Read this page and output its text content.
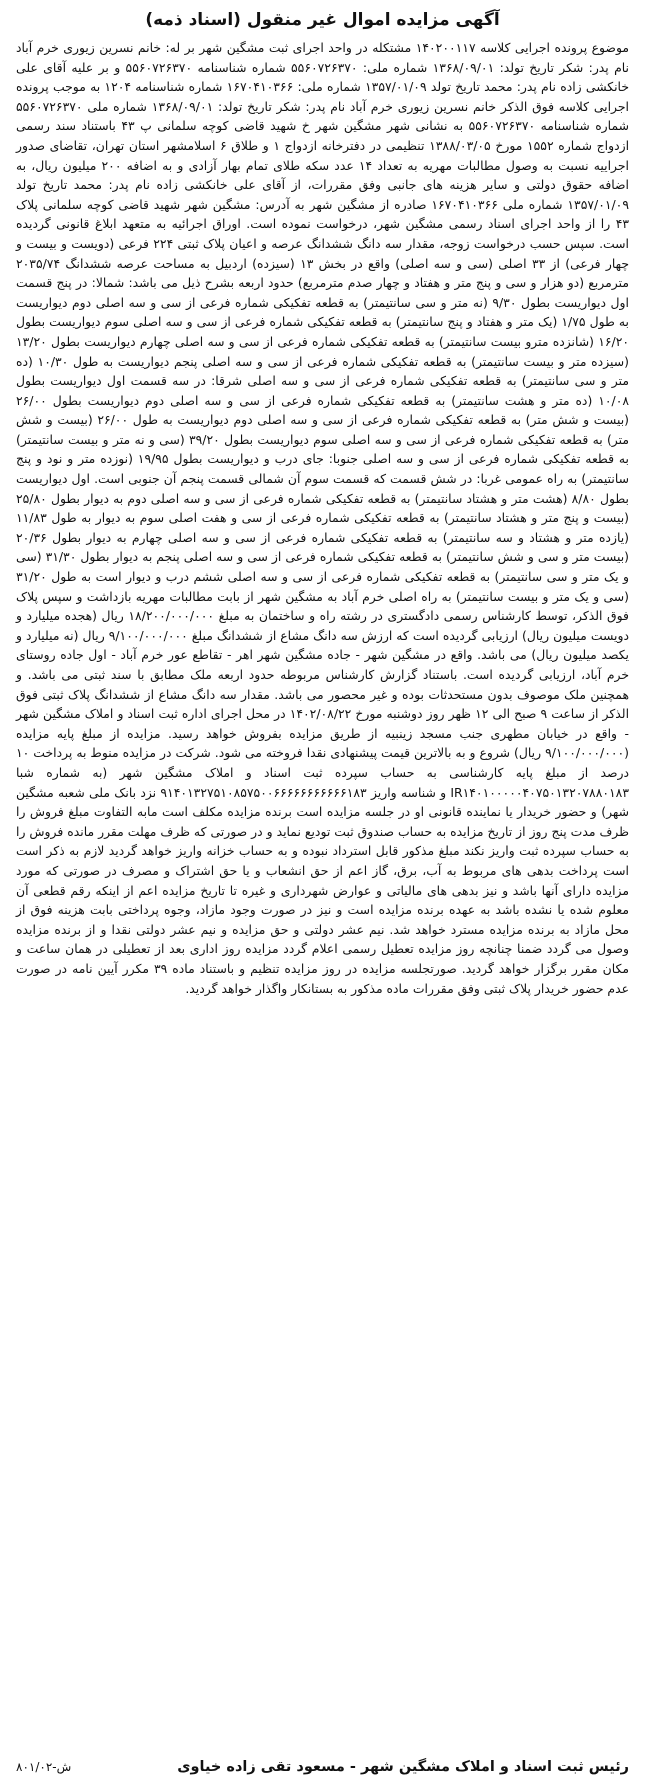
آگهی مزایده اموال غیر منقول (اسناد ذمه)

موضوع پرونده اجرایی کلاسه ۱۴۰۲۰۰۱۱۷ مشتکله در واحد اجرای ثبت مشگین شهر بر له: خانم نسرین زیوری خرم آباد نام پدر: شکر تاریخ تولد: ۱۳۶۸/۰۹/۰۱ شماره ملی: ۵۵۶۰۷۲۶۳۷۰ شماره شناسنامه ۵۵۶۰۷۲۶۳۷۰ و بر علیه آقای علی خانکشی زاده نام پدر: محمد تاریخ تولد ۱۳۵۷/۰۱/۰۹ شماره ملی: ۱۶۷۰۴۱۰۳۶۶ شماره شناسنامه ۱۲۰۴ به موجب پرونده اجرایی کلاسه فوق الذکر خانم نسرین زیوری خرم آباد نام پدر: شکر تاریخ تولد: ۱۳۶۸/۰۹/۰۱ شماره ملی ۵۵۶۰۷۲۶۳۷۰ شماره شناسنامه ۵۵۶۰۷۲۶۳۷۰ به نشانی شهر مشگین شهر خ شهید قاضی کوچه سلمانی پ ۴۳ باستناد سند رسمی ازدواج شماره ۱۵۵۲ مورخ ۱۳۸۸/۰۳/۰۵ تنظیمی در دفترخانه ازدواج ۱ و طلاق ۶ اسلامشهر استان تهران، تقاضای صدور اجراییه نسبت به وصول مطالبات مهریه به تعداد ۱۴ عدد سکه طلای تمام بهار آزادی و به اضافه ۲۰۰ میلیون ریال، به اضافه حقوق دولتی و سایر هزینه های جانبی وفق مقررات، از آقای علی خانکشی زاده نام پدر: محمد تاریخ تولد ۱۳۵۷/۰۱/۰۹ شماره ملی ۱۶۷۰۴۱۰۳۶۶ صادره از مشگین شهر به آدرس: مشگین شهر شهید قاضی کوچه سلمانی پلاک ۴۳ را از واحد اجرای اسناد رسمی مشگین شهر، درخواست نموده است. اوراق اجرائیه به متعهد ابلاغ قانونی گردیده است. سپس حسب درخواست زوجه، مقدار سه دانگ ششدانگ عرصه و اعیان پلاک ثبتی ۲۲۴ فرعی (دویست و بیست و چهار فرعی) از ۳۳ اصلی (سی و سه اصلی) واقع در بخش ۱۳ (سیزده) اردبیل به مساحت عرصه ششدانگ ۲۰۳۵/۷۴ مترمربع (دو هزار و سی و پنج متر و هفتاد و چهار صدم مترمربع) حدود اربعه بشرح ذیل می باشد: شمالا: در پنج قسمت اول دیواریست بطول ۹/۳۰ (نه متر و سی سانتیمتر) به قطعه تفکیکی شماره فرعی از سی و سه اصلی دوم دیواریست به طول ۱/۷۵ (یک متر و هفتاد و پنج سانتیمتر) به قطعه تفکیکی شماره فرعی از سی و سه اصلی سوم دیواریست بطول ۱۶/۲۰ (شانزده مترو بیست سانتیمتر) به قطعه تفکیکی شماره فرعی از سی و سه اصلی چهارم دیواریست بطول ۱۳/۲۰ (سیزده متر و بیست سانتیمتر) به قطعه تفکیکی شماره فرعی از سی و سه اصلی پنجم دیواریست به طول ۱۰/۳۰ (ده متر و سی سانتیمتر) به قطعه تفکیکی شماره فرعی از سی و سه اصلی شرقا: در سه قسمت اول دیواریست بطول ۱۰/۰۸ (ده متر و هشت سانتیمتر) به قطعه تفکیکی شماره فرعی از سی و سه اصلی دوم دیواریست بطول ۲۶/۰۰ (بیست و شش متر) به قطعه تفکیکی شماره فرعی از سی و سه اصلی دوم دیواریست به طول ۲۶/۰۰ (بیست و شش متر) به قطعه تفکیکی شماره فرعی از سی و سه اصلی سوم دیواریست بطول ۳۹/۲۰ (سی و نه متر و بیست سانتیمتر) به قطعه تفکیکی شماره فرعی از سی و سه اصلی جنوبا: جای درب و دیواریست بطول ۱۹/۹۵ (نوزده متر و نود و پنج سانتیمتر) به راه عمومی غربا: در شش قسمت که قسمت سوم آن شمالی قسمت پنجم آن جنوبی است. اول دیواریست بطول ۸/۸۰ (هشت متر و هشتاد سانتیمتر) به قطعه تفکیکی شماره فرعی از سی و سه اصلی دوم به دیوار بطول ۲۵/۸۰ (بیست و پنج متر و هشتاد سانتیمتر) به قطعه تفکیکی شماره فرعی از سی و هفت اصلی سوم به دیوار به طول ۱۱/۸۳ (یازده متر و هشتاد و سه سانتیمتر) به قطعه تفکیکی شماره فرعی از سی و سه اصلی چهارم به دیوار بطول ۲۰/۳۶ (بیست متر و سی و شش سانتیمتر) به قطعه تفکیکی شماره فرعی از سی و سه اصلی پنجم به دیوار بطول ۳۱/۳۰ (سی و یک متر و سی سانتیمتر) به قطعه تفکیکی شماره فرعی از سی و سه اصلی ششم درب و دیوار است به طول ۳۱/۲۰ (سی و یک متر و بیست سانتیمتر) به راه اصلی خرم آباد به مشگین شهر از بابت مطالبات مهریه بازداشت و سپس پلاک فوق الذکر، توسط کارشناس رسمی دادگستری در رشته راه و ساختمان به مبلغ ۱۸/۲۰۰/۰۰۰/۰۰۰ ریال (هجده میلیارد و دویست میلیون ریال) ارزیابی گردیده است که ارزش سه دانگ مشاع از ششدانگ مبلغ ۹/۱۰۰/۰۰۰/۰۰۰ ریال (نه میلیارد و یکصد میلیون ریال) می باشد. واقع در مشگین شهر - جاده مشگین شهر اهر - تقاطع عور خرم آباد - اول جاده روستای خرم آباد، ارزیابی گردیده است. باستناد گزارش کارشناس مربوطه حدود اربعه ملک مطابق با سند ثبتی می باشد. و همچنین ملک موصوف بدون مستحدثات بوده و غیر محصور می باشد. مقدار سه دانگ مشاع از ششدانگ پلاک ثبتی فوق الذکر از ساعت ۹ صبح الی ۱۲ ظهر روز دوشنبه مورخ ۱۴۰۲/۰۸/۲۲ در محل اجرای اداره ثبت اسناد و املاک مشگین شهر - واقع در خیابان مطهری جنب مسجد زینبیه از طریق مزایده بفروش خواهد رسید. مزایده از مبلغ پایه مزایده (۹/۱۰۰/۰۰۰/۰۰۰ ریال) شروع و به بالاترین قیمت پیشنهادی نقدا فروخته می شود. شرکت در مزایده منوط به پرداخت ۱۰ درصد از مبلغ پایه کارشناسی به حساب سپرده ثبت اسناد و املاک مشگین شهر (به شماره شبا IR۱۴۰۱۰۰۰۰۰۴۰۷۵۰۱۳۲۰۷۸۸۰۱۸۳ و شناسه واریز ۹۱۴۰۱۳۲۷۵۱۰۸۵۷۵۰۰۶۶۶۶۶۶۶۶۶۶۶۱۸۳ نزد بانک ملی شعبه مشگین شهر) و حضور خریدار یا نماینده قانونی او در جلسه مزایده است برنده مزایده مکلف است مابه التفاوت مبلغ فروش را ظرف مدت پنج روز از تاریخ مزایده به حساب صندوق ثبت تودیع نماید و در صورتی که ظرف مهلت مقرر مانده فروش را به حساب سپرده ثبت واریز نکند مبلغ مذکور قابل استرداد نبوده و به حساب خزانه واریز خواهد گردید لازم به ذکر است است پرداخت بدهی های مربوط به آب، برق، گاز اعم از حق انشعاب و یا حق اشتراک و مصرف در صورتی که مورد مزایده دارای آنها باشد و نیز بدهی های مالیاتی و عوارض شهرداری و غیره تا تاریخ مزایده اعم از اینکه رقم قطعی آن معلوم شده یا نشده باشد به عهده برنده مزایده است و نیز در صورت وجود مازاد، وجوه پرداختی بابت هزینه فوق از محل مازاد به برنده مزایده مسترد خواهد شد. نیم عشر دولتی و حق مزایده و نیم عشر دولتی نقدا و از برنده مزایده وصول می گردد ضمنا چنانچه روز مزایده تعطیل رسمی اعلام گردد مزایده روز اداری بعد از تعطیلی در همان ساعت و مکان مقرر برگزار خواهد گردید. صورتجلسه مزایده در روز مزایده تنظیم و باستناد ماده ۳۹ مکرر آیین نامه در صورت عدم حضور خریدار پلاک ثبتی وفق مقررات ماده مذکور به بستانکار واگذار خواهد گردید.

رئیس ثبت اسناد و املاک مشگین شهر - مسعود تقی زاده خیاوی
۸۰۱/۰۲-ش
